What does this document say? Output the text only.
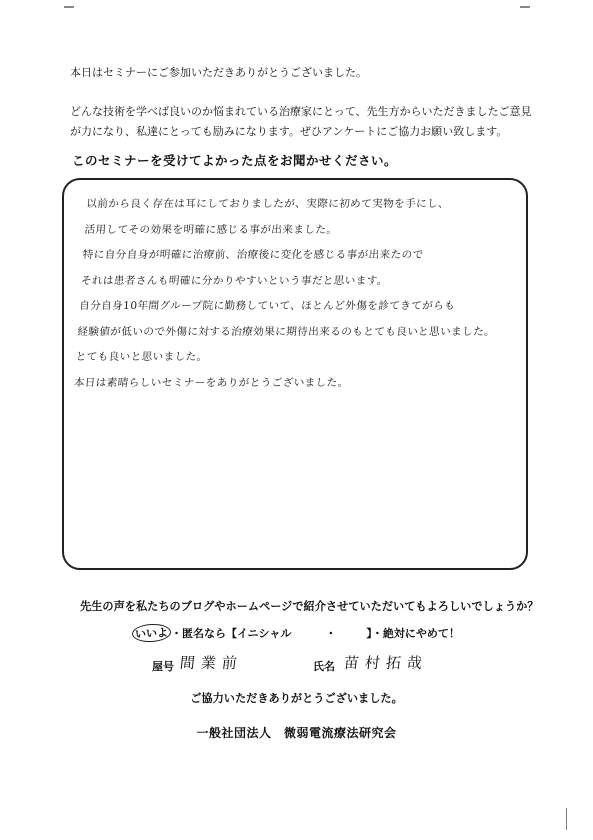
本日はセミナーにご参加いただきありがとうございました。
どんな技術を学べば良いのか悩まれている治療家にとって、先生方からいただきましたご意見が力になり、私達にとっても励みになります。ぜひアンケートにご協力お願い致します。
このセミナーを受けてよかった点をお聞かせください。
以前から良く存在は耳にしておりましたが、実際に初めて実物を手にし、
活用してその効果を明確に感じる事が出来ました。
特に自分自身が明確に治療前、治療後に変化を感じる事が出来たので
それは患者さんも明確に分かりやすいという事だと思います。
自分自身10年間グループ院に勤務していて、ほとんど外傷を診てきてがらも
経験値が低いので外傷に対する治療効果に期待出来るのもとても良いと思いました。
とても良いと思いました。
本日は素晴らしいセミナーをありがとうございました。
先生の声を私たちのブログやホームページで紹介させていただいてもよろしいでしょうか？
いいよ ・匿名なら【イニシャル	・	】・絶対にやめて！
屋号 間業前	氏名 苗村拓哉
ご協力いただきありがとうございました。
一般社団法人　微弱電流療法研究会
